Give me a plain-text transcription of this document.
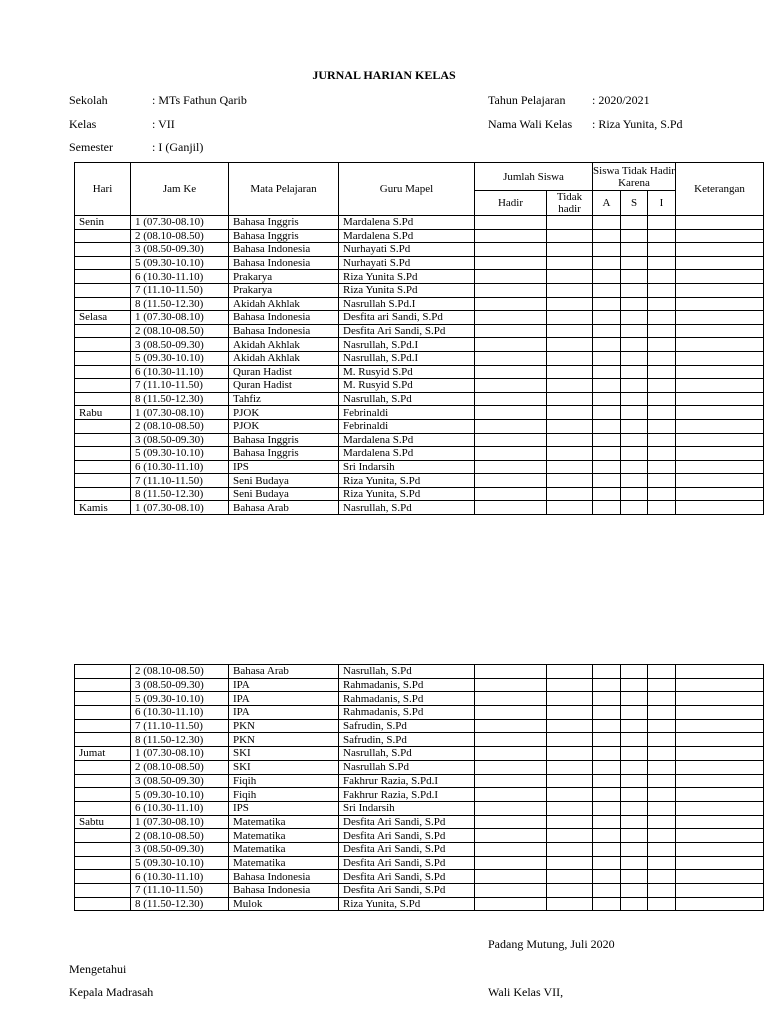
JURNAL HARIAN KELAS
Sekolah	: MTs Fathun Qarib
Kelas	: VII
Semester	: I (Ganjil)
Tahun Pelajaran : 2020/2021
Nama Wali Kelas : Riza Yunita, S.Pd
Hari	Jam Ke	Mata Pelajaran	Guru Mapel	Jumlah Siswa		Siswa Tidak Hadir Karena			Keterangan
				Hadir	Tidak hadir	A	S	I	
Senin	1 (07.30-08.10)	Bahasa Inggris	Mardalena S.Pd						
	2 (08.10-08.50)	Bahasa Inggris	Mardalena S.Pd						
	3 (08.50-09.30)	Bahasa Indonesia	Nurhayati S.Pd						
	5 (09.30-10.10)	Bahasa Indonesia	Nurhayati S.Pd						
	6 (10.30-11.10)	Prakarya	Riza Yunita S.Pd						
	7 (11.10-11.50)	Prakarya	Riza Yunita S.Pd						
	8 (11.50-12.30)	Akidah Akhlak	Nasrullah S.Pd.I						
Selasa	1 (07.30-08.10)	Bahasa Indonesia	Desfita ari Sandi, S.Pd						
	2 (08.10-08.50)	Bahasa Indonesia	Desfita Ari Sandi, S.Pd						
	3 (08.50-09.30)	Akidah Akhlak	Nasrullah, S.Pd.I						
	5 (09.30-10.10)	Akidah Akhlak	Nasrullah, S.Pd.I						
	6 (10.30-11.10)	Quran Hadist	M. Rusyid S.Pd						
	7 (11.10-11.50)	Quran Hadist	M. Rusyid S.Pd						
	8 (11.50-12.30)	Tahfiz	Nasrullah, S.Pd						
Rabu	1 (07.30-08.10)	PJOK	Febrinaldi						
	2 (08.10-08.50)	PJOK	Febrinaldi						
	3 (08.50-09.30)	Bahasa Inggris	Mardalena S.Pd						
	5 (09.30-10.10)	Bahasa Inggris	Mardalena S.Pd						
	6 (10.30-11.10)	IPS	Sri Indarsih						
	7 (11.10-11.50)	Seni Budaya	Riza Yunita, S.Pd						
	8 (11.50-12.30)	Seni Budaya	Riza Yunita, S.Pd						
Kamis	1 (07.30-08.10)	Bahasa Arab	Nasrullah, S.Pd						
	2 (08.10-08.50)	Bahasa Arab	Nasrullah, S.Pd						
	3 (08.50-09.30)	IPA	Rahmadanis, S.Pd						
	5 (09.30-10.10)	IPA	Rahmadanis, S.Pd						
	6 (10.30-11.10)	IPA	Rahmadanis, S.Pd						
	7 (11.10-11.50)	PKN	Safrudin, S.Pd						
	8 (11.50-12.30)	PKN	Safrudin, S.Pd						
Jumat	1 (07.30-08.10)	SKI	Nasrullah, S.Pd						
	2 (08.10-08.50)	SKI	Nasrullah S.Pd						
	3 (08.50-09.30)	Fiqih	Fakhrur Razia, S.Pd.I						
	5 (09.30-10.10)	Fiqih	Fakhrur Razia, S.Pd.I						
	6 (10.30-11.10)	IPS	Sri Indarsih						
Sabtu	1 (07.30-08.10)	Matematika	Desfita Ari Sandi, S.Pd						
	2 (08.10-08.50)	Matematika	Desfita Ari Sandi, S.Pd						
	3 (08.50-09.30)	Matematika	Desfita Ari Sandi, S.Pd						
	5 (09.30-10.10)	Matematika	Desfita Ari Sandi, S.Pd						
	6 (10.30-11.10)	Bahasa Indonesia	Desfita Ari Sandi, S.Pd						
	7 (11.10-11.50)	Bahasa Indonesia	Desfita Ari Sandi, S.Pd						
	8 (11.50-12.30)	Mulok	Riza Yunita, S.Pd						
Padang Mutung, Juli 2020
Mengetahui
Kepala Madrasah	Wali Kelas VII,
